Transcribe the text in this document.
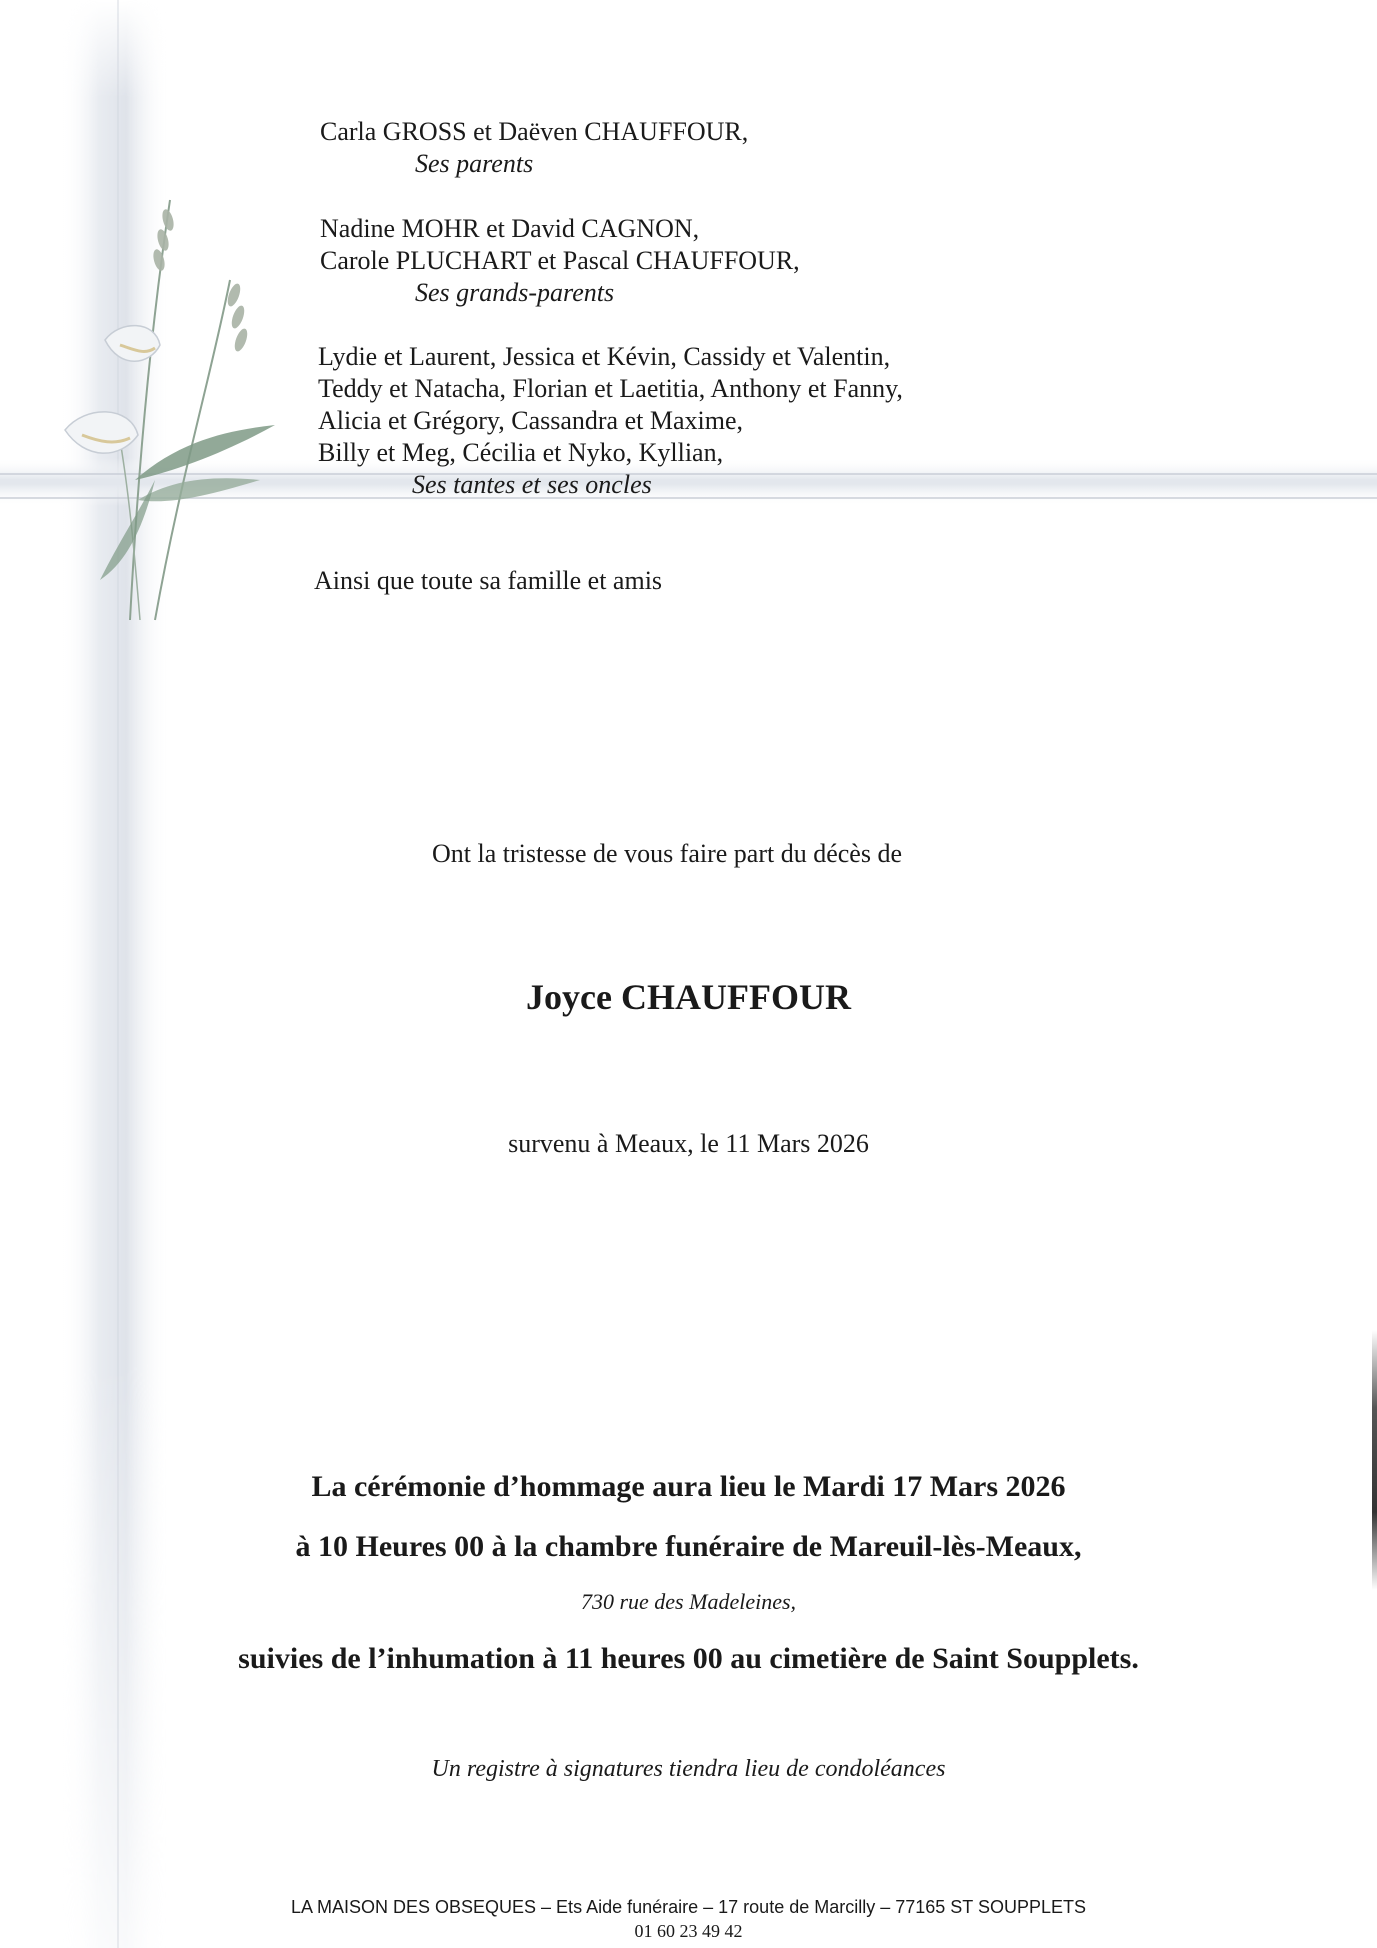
Carla GROSS et Daëven CHAUFFOUR,
Ses parents
Nadine MOHR et David CAGNON,
Carole PLUCHART et Pascal CHAUFFOUR,
Ses grands-parents
Lydie et Laurent, Jessica et Kévin, Cassidy et Valentin,
Teddy et Natacha, Florian et Laetitia, Anthony et Fanny,
Alicia et Grégory, Cassandra et Maxime,
Billy et Meg, Cécilia et Nyko, Kyllian,
Ses tantes et ses oncles
Ainsi que toute sa famille et amis
Ont la tristesse de vous faire part du décès de
Joyce CHAUFFOUR
survenu à Meaux, le 11 Mars 2026
La cérémonie d’hommage aura lieu le Mardi 17 Mars 2026
à 10 Heures 00 à la chambre funéraire de Mareuil-lès-Meaux,
730 rue des Madeleines,
suivies de l’inhumation à 11 heures 00 au cimetière de Saint Soupplets.
Un registre à signatures tiendra lieu de condoléances
LA MAISON DES OBSEQUES – Ets Aide funéraire – 17 route de Marcilly – 77165 ST SOUPPLETS
01 60 23 49 42
